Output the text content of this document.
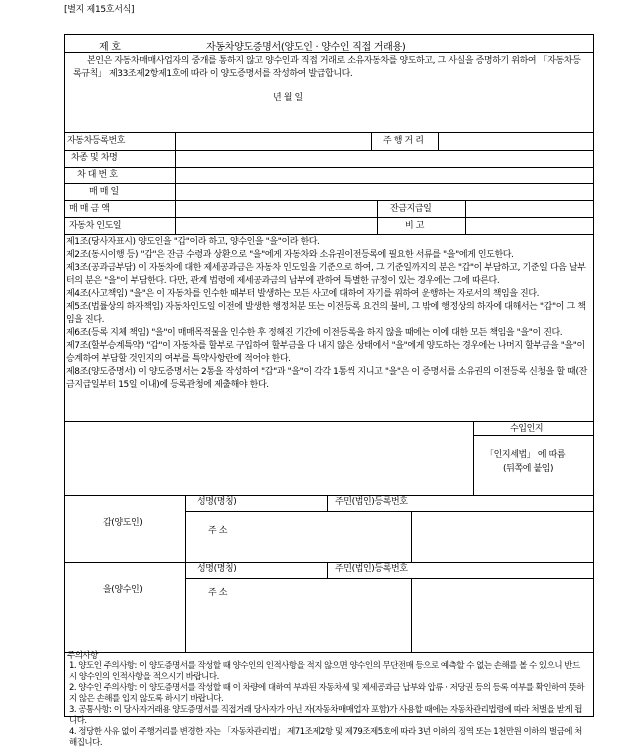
[별지 제15호서식]
제 호	자동차양도증명서(양도인 · 양수인 직접 거래용)
본인은 자동차매매사업자의 중개를 통하지 않고 양수인과 직접 거래로 소유자동차를 양도하고, 그 사실을 증명하기 위하여 「자동차등록규칙」 제33조제2항제1호에 따라 이 양도증명서를 작성하여 발급합니다.
년 월 일
자동차등록번호	주 행 거 리
차종 및 차명
차 대 번 호
매 매 일
매 매 금 액	잔금지급일
자동차 인도일	비 고

제1조(당사자표시) 양도인을 "갑"이라 하고, 양수인을 "을"이라 한다.

제2조(동시이행 등) "갑"은 잔금 수령과 상환으로 "을"에게 자동차와 소유권이전등록에 필요한 서류를 "을"에게 인도한다.

제3조(공과금부담) 이 자동차에 대한 제세공과금은 자동차 인도일을 기준으로 하여, 그 기준일까지의 분은 "갑"이 부담하고, 기준일 다음 날부터의 분은 "을"이 부담한다. 다만, 관계 법령에 제세공과금의 납부에 관하여 특별한 규정이 있는 경우에는 그에 따른다.

제4조(사고책임) "을"은 이 자동차를 인수한 때부터 발생하는 모든 사고에 대하여 자기를 위하여 운행하는 자로서의 책임을 진다.

제5조(법률상의 하자책임) 자동차인도일 이전에 발생한 행정처분 또는 이전등록 요건의 불비, 그 밖에 행정상의 하자에 대해서는 "갑"이 그 책임을 진다.

제6조(등록 지체 책임) "을"이 매매목적물을 인수한 후 정해진 기간에 이전등록을 하지 않을 때에는 이에 대한 모든 책임을 "을"이 진다.

제7조(할부승계특약) "갑"이 자동차를 할부로 구입하여 할부금을 다 내지 않은 상태에서 "을"에게 양도하는 경우에는 나머지 할부금을 "을"이 승계하여 부담할 것인지의 여부를 특약사항란에 적어야 한다.

제8조(양도증명서) 이 양도증명서는 2통을 작성하여 "갑"과 "을"이 각각 1통씩 지니고 "을"은 이 증명서를 소유권의 이전등록 신청을 할 때(잔금지급일부터 15일 이내)에 등록관청에 제출해야 한다.

수입인지
「인지세법」 에 따름
(뒤쪽에 붙임)
갑(양도인)
성명(명칭)	주민(법인)등록번호
주 소
을(양수인)
성명(명칭)	주민(법인)등록번호
주 소
주의사항

1. 양도인 주의사항: 이 양도증명서를 작성할 때 양수인의 인적사항을 적지 않으면 양수인의 무단전매 등으로 예측할 수 없는 손해를 볼 수 있으니 반드시 양수인의 인적사항을 적으시기 바랍니다.

2. 양수인 주의사항: 이 양도증명서를 작성할 때 이 차량에 대하여 부과된 자동차세 및 제세공과금 납부와 압류 · 저당권 등의 등록 여부를 확인하여 뜻하지 않은 손해를 입지 않도록 하시기 바랍니다.

3. 공통사항: 이 당사자거래용 양도증명서를 직접거래 당사자가 아닌 자(자동차매매업자 포함)가 사용할 때에는 자동차관리법령에 따라 처벌을 받게 됩니다.

4. 정당한 사유 없이 주행거리를 변경한 자는 「자동차관리법」 제71조제2항 및 제79조제5호에 따라 3년 이하의 징역 또는 1천만원 이하의 벌금에 처해집니다.
